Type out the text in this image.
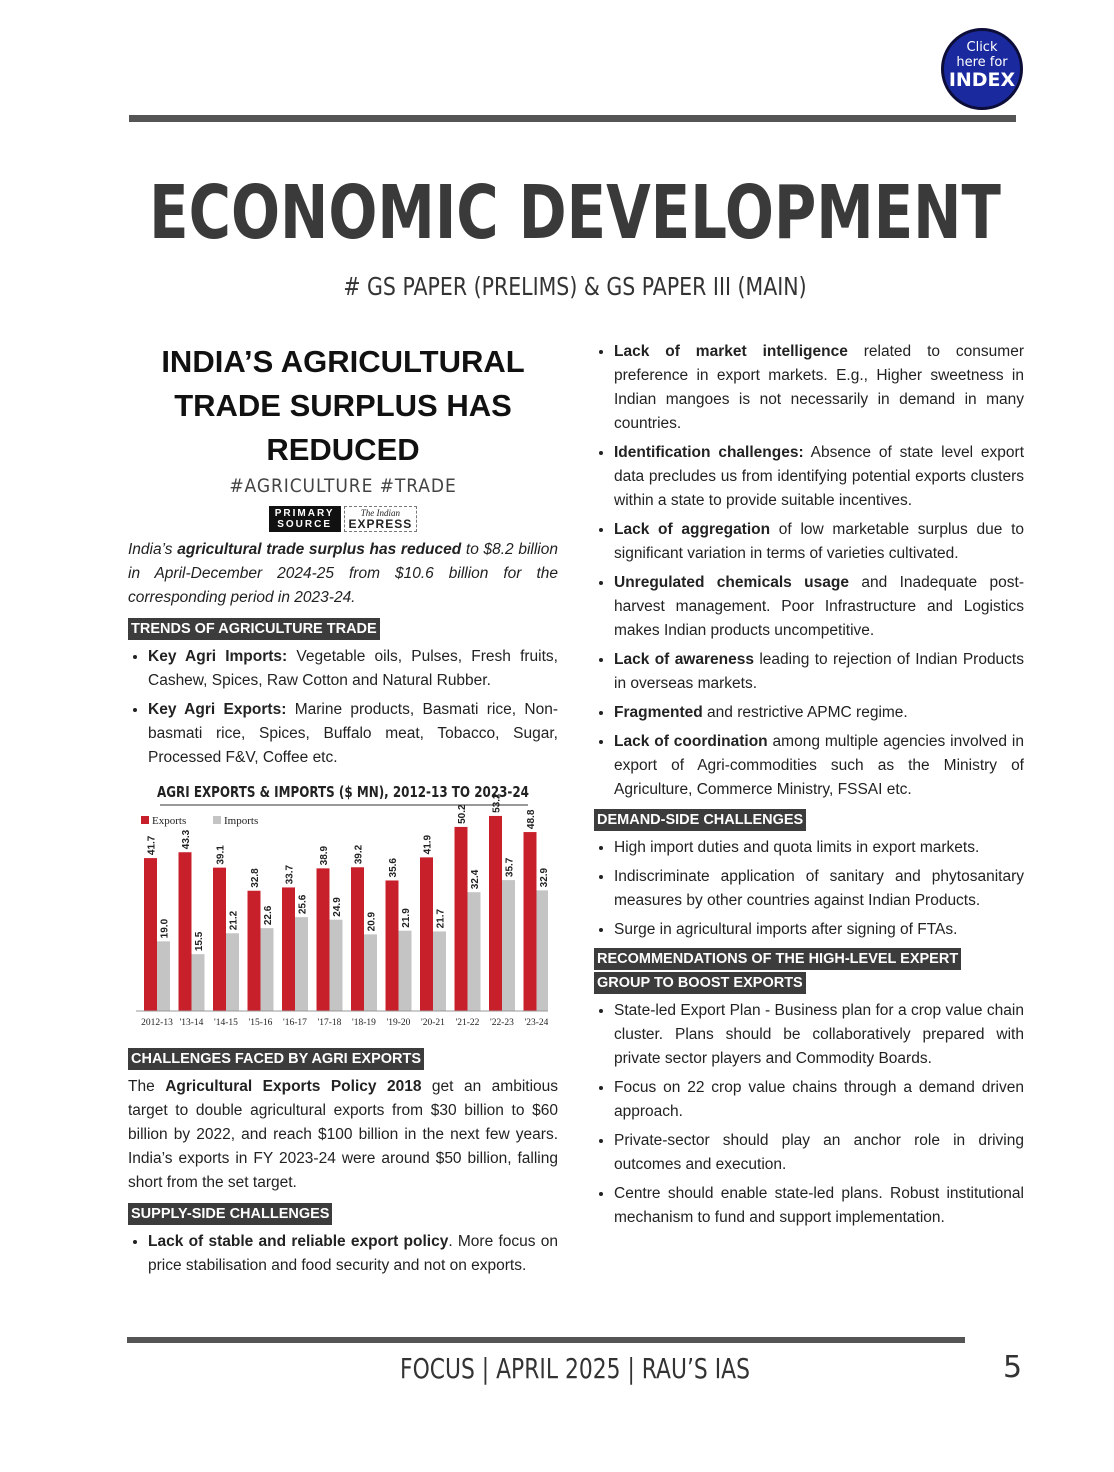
Click
here for
INDEX
ECONOMIC DEVELOPMENT
# GS PAPER (PRELIMS) & GS PAPER III (MAIN)
INDIA’S AGRICULTURAL TRADE SURPLUS HAS REDUCED
#AGRICULTURE #TRADE
PRIMARY
SOURCE
The Indian
EXPRESS

India’s agricultural trade surplus has reduced to $8.2 billion in April-December 2024-25 from $10.6 billion for the corresponding period in 2023-24.

TRENDS OF AGRICULTURE TRADE
• Key Agri Imports: Vegetable oils, Pulses, Fresh fruits, Cashew, Spices, Raw Cotton and Natural Rubber.
• Key Agri Exports: Marine products, Basmati rice, Non-basmati rice, Spices, Buffalo meat, Tobacco, Sugar, Processed F&V, Coffee etc.
AGRI EXPORTS & IMPORTS ($ MN), 2012-13 TO 2023-24
Exports	Imports
41.7
19.0
2012-13
43.3
15.5
'13-14
39.1
21.2
'14-15
32.8
22.6
'15-16
33.7
25.6
'16-17
38.9
24.9
'17-18
39.2
20.9
'18-19
35.6
21.9
'19-20
41.9
21.7
'20-21
50.2
32.4
'21-22
53.2
35.7
'22-23
48.8
32.9
'23-24
CHALLENGES FACED BY AGRI EXPORTS

The Agricultural Exports Policy 2018 get an ambitious target to double agricultural exports from $30 billion to $60 billion by 2022, and reach $100 billion in the next few years. India’s exports in FY 2023-24 were around $50 billion, falling short from the set target.

SUPPLY-SIDE CHALLENGES
• Lack of stable and reliable export policy. More focus on price stabilisation and food security and not on exports.
• Lack of market intelligence related to consumer preference in export markets. E.g., Higher sweetness in Indian mangoes is not necessarily in demand in many countries.
• Identification challenges: Absence of state level export data precludes us from identifying potential exports clusters within a state to provide suitable incentives.
• Lack of aggregation of low marketable surplus due to significant variation in terms of varieties cultivated.
• Unregulated chemicals usage and Inadequate post-harvest management. Poor Infrastructure and Logistics makes Indian products uncompetitive.
• Lack of awareness leading to rejection of Indian Products in overseas markets.
• Fragmented and restrictive APMC regime.
• Lack of coordination among multiple agencies involved in export of Agri-commodities such as the Ministry of Agriculture, Commerce Ministry, FSSAI etc.
DEMAND-SIDE CHALLENGES
• High import duties and quota limits in export markets.
• Indiscriminate application of sanitary and phytosanitary measures by other countries against Indian Products.
• Surge in agricultural imports after signing of FTAs.
RECOMMENDATIONS OF THE HIGH-LEVEL EXPERT
GROUP TO BOOST EXPORTS
• State-led Export Plan - Business plan for a crop value chain cluster. Plans should be collaboratively prepared with private sector players and Commodity Boards.
• Focus on 22 crop value chains through a demand driven approach.
• Private-sector should play an anchor role in driving outcomes and execution.
• Centre should enable state-led plans. Robust institutional mechanism to fund and support implementation.
FOCUS | APRIL 2025 | RAU’S IAS	5
